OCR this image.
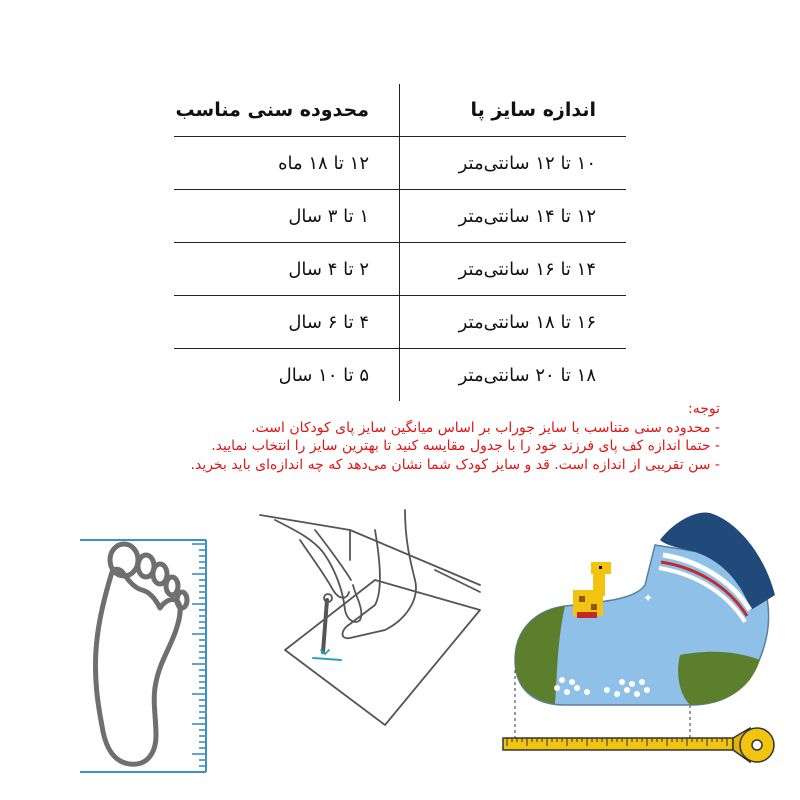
اندازه سایز پا	محدوده سنی مناسب
۱۰ تا ۱۲ سانتی‌متر	۱۲ تا ۱۸ ماه
۱۲ تا ۱۴ سانتی‌متر	۱ تا ۳ سال
۱۴ تا ۱۶ سانتی‌متر	۲ تا ۴ سال
۱۶ تا ۱۸ سانتی‌متر	۴ تا ۶ سال
۱۸ تا ۲۰ سانتی‌متر	۵ تا ۱۰ سال
توجه:
- محدوده سنی متناسب با سایز جوراب بر اساس میانگین سایز پای کودکان است.
- حتما اندازه کف پای فرزند خود را با جدول مقایسه کنید تا بهترین سایز را انتخاب نمایید.
- سن تقریبی از اندازه است. قد و سایز کودک شما نشان می‌دهد که چه اندازه‌ای باید بخرید.
✦
